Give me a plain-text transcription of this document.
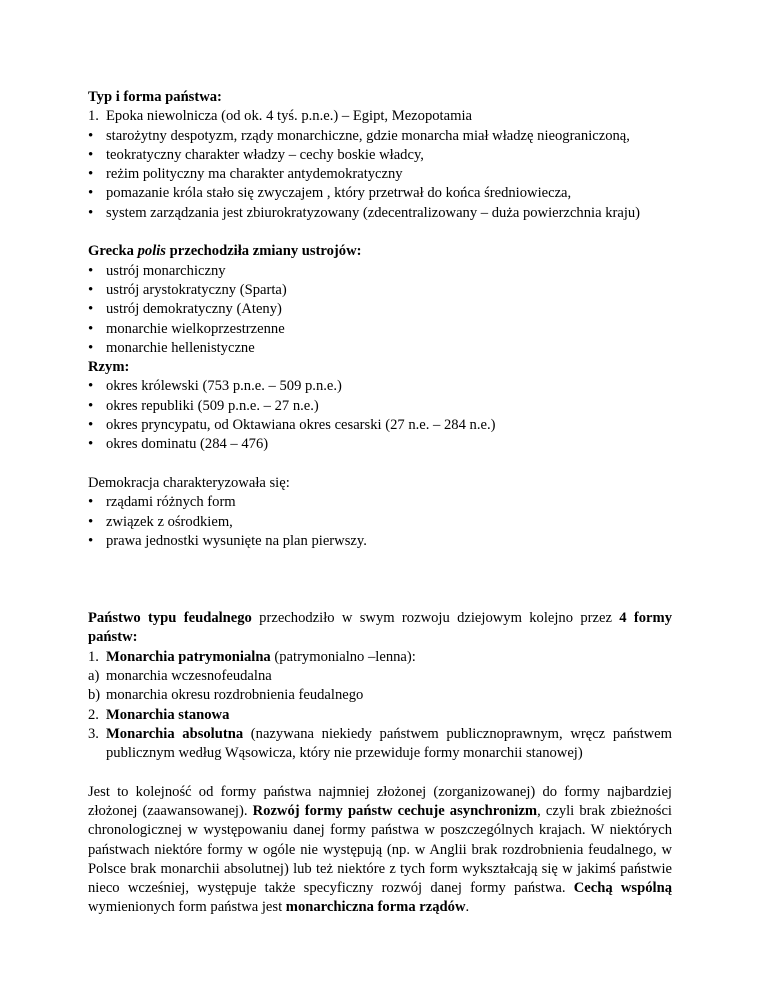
Typ i forma państwa:

1. Epoka niewolnicza (od ok. 4 tyś. p.n.e.) – Egipt, Mezopotamia
• starożytny despotyzm, rządy monarchiczne, gdzie monarcha miał władzę nieograniczoną,
• teokratyczny charakter władzy – cechy boskie władcy,
• reżim polityczny ma charakter antydemokratyczny
• pomazanie króla stało się zwyczajem , który przetrwał do końca średniowiecza,
• system zarządzania jest zbiurokratyzowany (zdecentralizowany – duża powierzchnia kraju)

Grecka polis przechodziła zmiany ustrojów:

• ustrój monarchiczny
• ustrój arystokratyczny (Sparta)
• ustrój demokratyczny (Ateny)
• monarchie wielkoprzestrzenne
• monarchie hellenistyczne

Rzym:

• okres królewski (753 p.n.e. – 509 p.n.e.)
• okres republiki (509 p.n.e. – 27 n.e.)
• okres pryncypatu, od Oktawiana okres cesarski (27 n.e. – 284 n.e.)
• okres dominatu (284 – 476)

Demokracja charakteryzowała się:

• rządami różnych form
• związek z ośrodkiem,
• prawa jednostki wysunięte na plan pierwszy.

Państwo typu feudalnego przechodziło w swym rozwoju dziejowym kolejno przez 4 formy państw:

1. Monarchia patrymonialna (patrymonialno –lenna):
a) monarchia wczesnofeudalna
b) monarchia okresu rozdrobnienia feudalnego
2. Monarchia stanowa
3. Monarchia absolutna (nazywana niekiedy państwem publicznoprawnym, wręcz państwem publicznym według Wąsowicza, który nie przewiduje formy monarchii stanowej)

Jest to kolejność od formy państwa najmniej złożonej (zorganizowanej) do formy najbardziej złożonej (zaawansowanej). Rozwój formy państw cechuje asynchronizm, czyli brak zbieżności chronologicznej w występowaniu danej formy państwa w poszczególnych krajach. W niektórych państwach niektóre formy w ogóle nie występują (np. w Anglii brak rozdrobnienia feudalnego, w Polsce brak monarchii absolutnej) lub też niektóre z tych form wykształcają się w jakimś państwie nieco wcześniej, występuje także specyficzny rozwój danej formy państwa. Cechą wspólną wymienionych form państwa jest monarchiczna forma rządów.
